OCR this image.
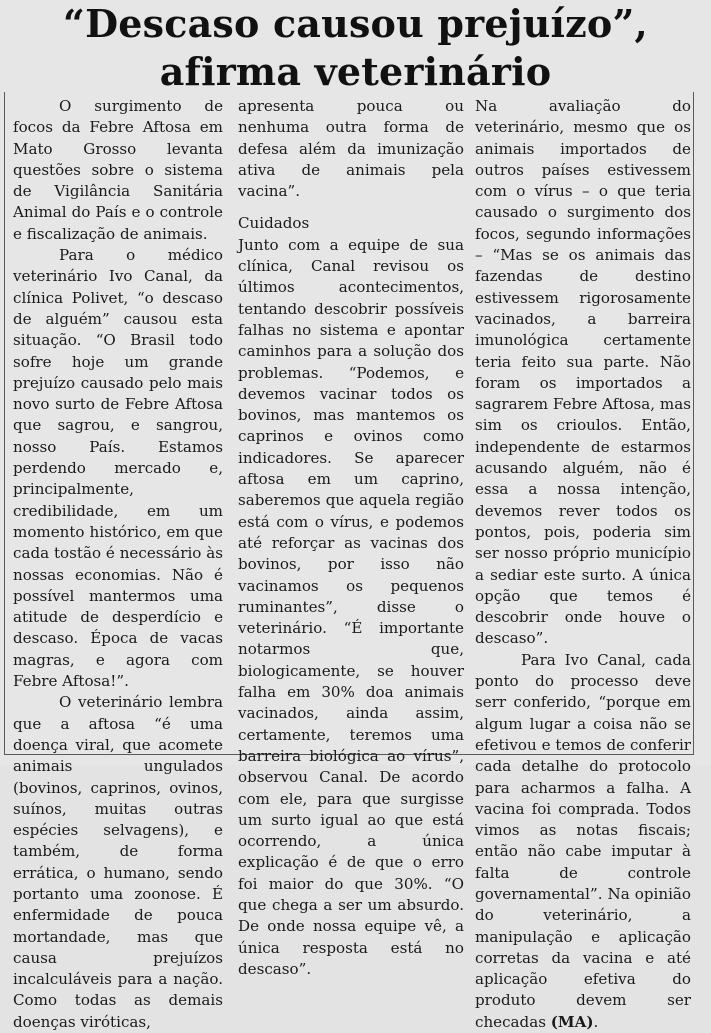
“Descaso causou prejuízo”,
afirma veterinário

O surgimento de focos da Febre Aftosa em Mato Grosso levanta questões sobre o sistema de Vigilância Sanitária Animal do País e o controle e fiscalização de animais.

Para o médico veterinário Ivo Canal, da clínica Polivet, “o descaso de alguém” causou esta situação. “O Brasil todo sofre hoje um grande prejuízo causado pelo mais novo surto de Febre Aftosa que sagrou, e sangrou, nosso País. Estamos perdendo mercado e, principalmente, credibilidade, em um momento histórico, em que cada tostão é necessário às nossas economias. Não é possível mantermos uma atitude de desperdício e descaso. Época de vacas magras, e agora com Febre Aftosa!”.

O veterinário lembra que a aftosa “é uma doença viral, que acomete animais ungulados (bovinos, caprinos, ovinos, suínos, muitas outras espécies selvagens), e também, de forma errática, o humano, sendo portanto uma zoonose. É enfermidade de pouca mortandade, mas que causa prejuízos incalculáveis para a nação. Como todas as demais doenças viróticas,

apresenta pouca ou nenhuma outra forma de defesa além da imunização ativa de animais pela vacina”.

Cuidados

Junto com a equipe de sua clínica, Canal revisou os últimos acontecimentos, tentando descobrir possíveis falhas no sistema e apontar caminhos para a solução dos problemas. “Podemos, e devemos vacinar todos os bovinos, mas mantemos os caprinos e ovinos como indicadores. Se aparecer aftosa em um caprino, saberemos que aquela região está com o vírus, e podemos até reforçar as vacinas dos bovinos, por isso não vacinamos os pequenos ruminantes”, disse o veterinário. “É importante notarmos que, biologicamente, se houver falha em 30% doa animais vacinados, ainda assim, certamente, teremos uma barreira biológica ao vírus”, observou Canal. De acordo com ele, para que surgisse um surto igual ao que está ocorrendo, a única explicação é de que o erro foi maior do que 30%. “O que chega a ser um absurdo. De onde nossa equipe vê, a única resposta está no descaso”.

Na avaliação do veterinário, mesmo que os animais importados de outros países estivessem com o vírus – o que teria causado o surgimento dos focos, segundo informações – “Mas se os animais das fazendas de destino estivessem rigorosamente vacinados, a barreira imunológica certamente teria feito sua parte. Não foram os importados a sagrarem Febre Aftosa, mas sim os crioulos. Então, independente de estarmos acusando alguém, não é essa a nossa intenção, devemos rever todos os pontos, pois, poderia sim ser nosso próprio município a sediar este surto. A única opção que temos é descobrir onde houve o descaso”.

Para Ivo Canal, cada ponto do processo deve serr conferido, “porque em algum lugar a coisa não se efetivou e temos de conferir cada detalhe do protocolo para acharmos a falha. A vacina foi comprada. Todos vimos as notas fiscais; então não cabe imputar à falta de controle governamental”. Na opinião do veterinário, a manipulação e aplicação corretas da vacina e até aplicação efetiva do produto devem ser checadas (MA).
